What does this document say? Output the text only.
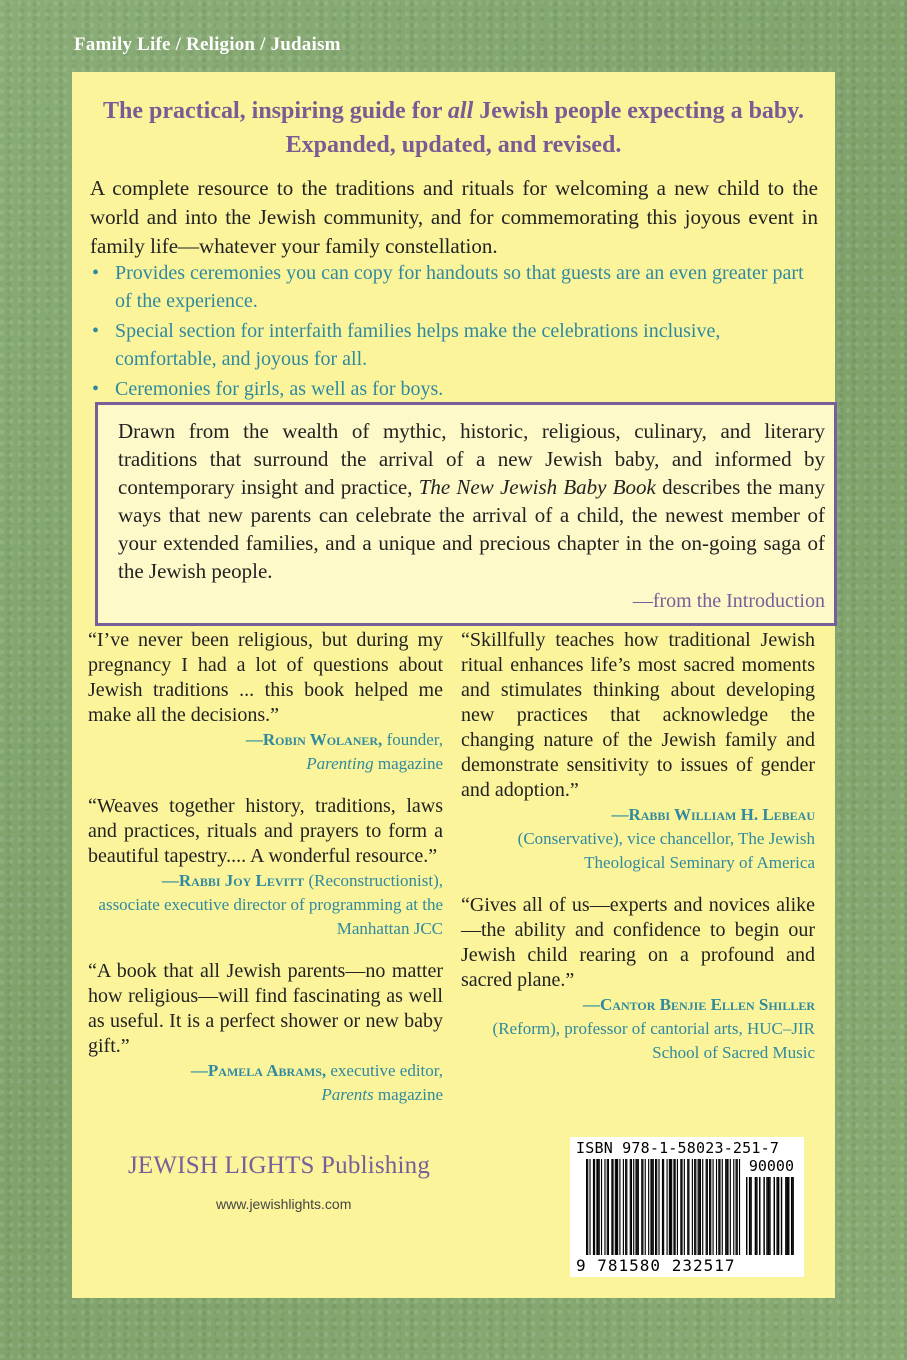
Family Life / Religion / Judaism
The practical, inspiring guide for all Jewish people expecting a baby.
Expanded, updated, and revised.
A complete resource to the traditions and rituals for welcoming a new child to the world and into the Jewish community, and for commemorating this joyous event in family life—whatever your family constellation.
• Provides ceremonies you can copy for handouts so that guests are an even greater part of the experience.
• Special section for interfaith families helps make the celebrations inclusive, comfortable, and joyous for all.
• Ceremonies for girls, as well as for boys.
Drawn from the wealth of mythic, historic, religious, culinary, and literary traditions that surround the arrival of a new Jewish baby, and informed by contemporary insight and practice, The New Jewish Baby Book describes the many ways that new parents can celebrate the arrival of a child, the newest member of your extended families, and a unique and precious chapter in the on-going saga of the Jewish people.
—from the Introduction
“I’ve never been religious, but during my pregnancy I had a lot of questions about Jewish traditions ... this book helped me make all the decisions.”
—Robin Wolaner, founder,
Parenting magazine
“Weaves together history, traditions, laws and practices, rituals and prayers to form a beautiful tapestry.... A wonderful resource.”
—Rabbi Joy Levitt (Reconstructionist),
associate executive director of programming at the Manhattan JCC
“A book that all Jewish parents—no matter how religious—will find fascinating as well as useful. It is a perfect shower or new baby gift.”
—Pamela Abrams, executive editor,
Parents magazine
“Skillfully teaches how traditional Jewish ritual enhances life’s most sacred moments and stimulates thinking about developing new practices that acknowledge the changing nature of the Jewish family and demonstrate sensitivity to issues of gender and adoption.”
—Rabbi William H. Lebeau
(Conservative), vice chancellor, The Jewish Theological Seminary of America
“Gives all of us—experts and novices alike—the ability and confidence to begin our Jewish child rearing on a profound and sacred plane.”
—Cantor Benjie Ellen Shiller
(Reform), professor of cantorial arts, HUC–JIR School of Sacred Music
JEWISH LIGHTS Publishing
www.jewishlights.com
ISBN 978-1-58023-251-7
90000
9 781580 232517
